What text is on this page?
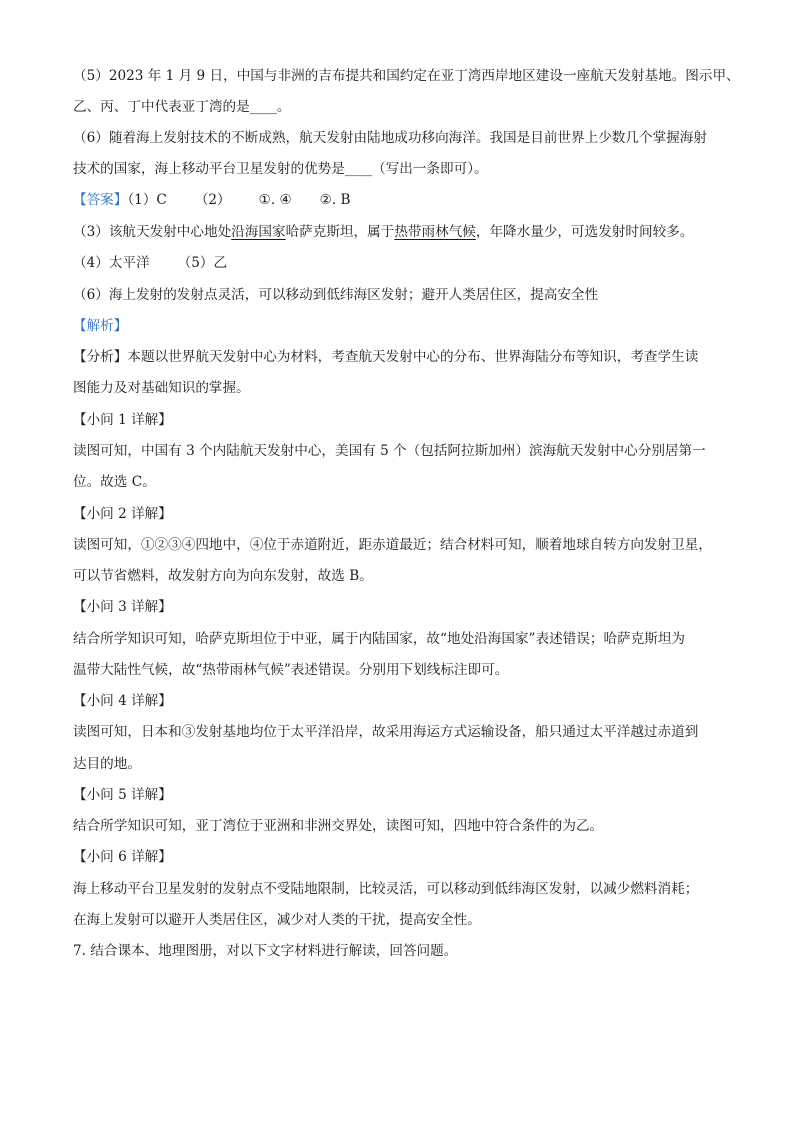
（5）2023 年 1 月 9 日，中国与非洲的吉布提共和国约定在亚丁湾西岸地区建设一座航天发射基地。图示甲、
乙、丙、丁中代表亚丁湾的是____。
（6）随着海上发射技术的不断成熟，航天发射由陆地成功移向海洋。我国是目前世界上少数几个掌握海射
技术的国家，海上移动平台卫星发射的优势是____（写出一条即可）。
【答案】（1）C （2） ①. ④ ②. B
（3）该航天发射中心地处沿海国家哈萨克斯坦，属于热带雨林气候，年降水量少，可选发射时间较多。
（4）太平洋 （5）乙
（6）海上发射的发射点灵活，可以移动到低纬海区发射；避开人类居住区，提高安全性
【解析】
【分析】本题以世界航天发射中心为材料，考查航天发射中心的分布、世界海陆分布等知识，考查学生读
图能力及对基础知识的掌握。
【小问 1 详解】
读图可知，中国有 3 个内陆航天发射中心，美国有 5 个（包括阿拉斯加州）滨海航天发射中心分别居第一
位。故选 C。
【小问 2 详解】
读图可知，①②③④四地中，④位于赤道附近，距赤道最近；结合材料可知，顺着地球自转方向发射卫星，
可以节省燃料，故发射方向为向东发射，故选 B。
【小问 3 详解】
结合所学知识可知，哈萨克斯坦位于中亚，属于内陆国家，故“地处沿海国家”表述错误；哈萨克斯坦为
温带大陆性气候，故“热带雨林气候”表述错误。分别用下划线标注即可。
【小问 4 详解】
读图可知，日本和③发射基地均位于太平洋沿岸，故采用海运方式运输设备，船只通过太平洋越过赤道到
达目的地。
【小问 5 详解】
结合所学知识可知，亚丁湾位于亚洲和非洲交界处，读图可知，四地中符合条件的为乙。
【小问 6 详解】
海上移动平台卫星发射的发射点不受陆地限制，比较灵活，可以移动到低纬海区发射，以减少燃料消耗；
在海上发射可以避开人类居住区，减少对人类的干扰，提高安全性。
7. 结合课本、地理图册，对以下文字材料进行解读，回答问题。
